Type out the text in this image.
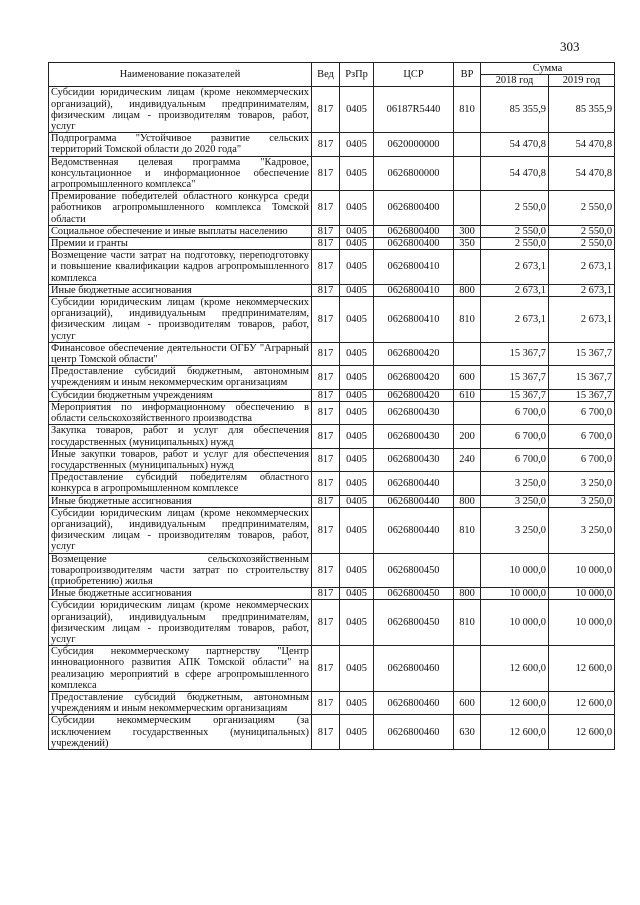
303
Наименование показателей	Вед	РзПр	ЦСР	ВР	Сумма	
					2018 год	2019 год
Субсидии юридическим лицам (кроме некоммерческих организаций), индивидуальным предпринимателям, физическим лицам - производителям товаров, работ, услуг	817	0405	06187R5440	810	85 355,9	85 355,9
Подпрограмма "Устойчивое развитие сельских территорий Томской области до 2020 года"	817	0405	0620000000		54 470,8	54 470,8
Ведомственная целевая программа "Кадровое, консультационное и информационное обеспечение агропромышленного комплекса"	817	0405	0626800000		54 470,8	54 470,8
Премирование победителей областного конкурса среди работников агропромышленного комплекса Томской области	817	0405	0626800400		2 550,0	2 550,0
Социальное обеспечение и иные выплаты населению	817	0405	0626800400	300	2 550,0	2 550,0
Премии и гранты	817	0405	0626800400	350	2 550,0	2 550,0
Возмещение части затрат на подготовку, переподготовку и повышение квалификации кадров агропромышленного комплекса	817	0405	0626800410		2 673,1	2 673,1
Иные бюджетные ассигнования	817	0405	0626800410	800	2 673,1	2 673,1
Субсидии юридическим лицам (кроме некоммерческих организаций), индивидуальным предпринимателям, физическим лицам - производителям товаров, работ, услуг	817	0405	0626800410	810	2 673,1	2 673,1
Финансовое обеспечение деятельности ОГБУ "Аграрный центр Томской области"	817	0405	0626800420		15 367,7	15 367,7
Предоставление субсидий бюджетным, автономным учреждениям и иным некоммерческим организациям	817	0405	0626800420	600	15 367,7	15 367,7
Субсидии бюджетным учреждениям	817	0405	0626800420	610	15 367,7	15 367,7
Мероприятия по информационному обеспечению в области сельскохозяйственного производства	817	0405	0626800430		6 700,0	6 700,0
Закупка товаров, работ и услуг для обеспечения государственных (муниципальных) нужд	817	0405	0626800430	200	6 700,0	6 700,0
Иные закупки товаров, работ и услуг для обеспечения государственных (муниципальных) нужд	817	0405	0626800430	240	6 700,0	6 700,0
Предоставление субсидий победителям областного конкурса в агропромышленном комплексе	817	0405	0626800440		3 250,0	3 250,0
Иные бюджетные ассигнования	817	0405	0626800440	800	3 250,0	3 250,0
Субсидии юридическим лицам (кроме некоммерческих организаций), индивидуальным предпринимателям, физическим лицам - производителям товаров, работ, услуг	817	0405	0626800440	810	3 250,0	3 250,0
Возмещение сельскохозяйственным товаропроизводителям части затрат по строительству (приобретению) жилья	817	0405	0626800450		10 000,0	10 000,0
Иные бюджетные ассигнования	817	0405	0626800450	800	10 000,0	10 000,0
Субсидии юридическим лицам (кроме некоммерческих организаций), индивидуальным предпринимателям, физическим лицам - производителям товаров, работ, услуг	817	0405	0626800450	810	10 000,0	10 000,0
Субсидия некоммерческому партнерству "Центр инновационного развития АПК Томской области" на реализацию мероприятий в сфере агропромышленного комплекса	817	0405	0626800460		12 600,0	12 600,0
Предоставление субсидий бюджетным, автономным учреждениям и иным некоммерческим организациям	817	0405	0626800460	600	12 600,0	12 600,0
Субсидии некоммерческим организациям (за исключением государственных (муниципальных) учреждений)	817	0405	0626800460	630	12 600,0	12 600,0
